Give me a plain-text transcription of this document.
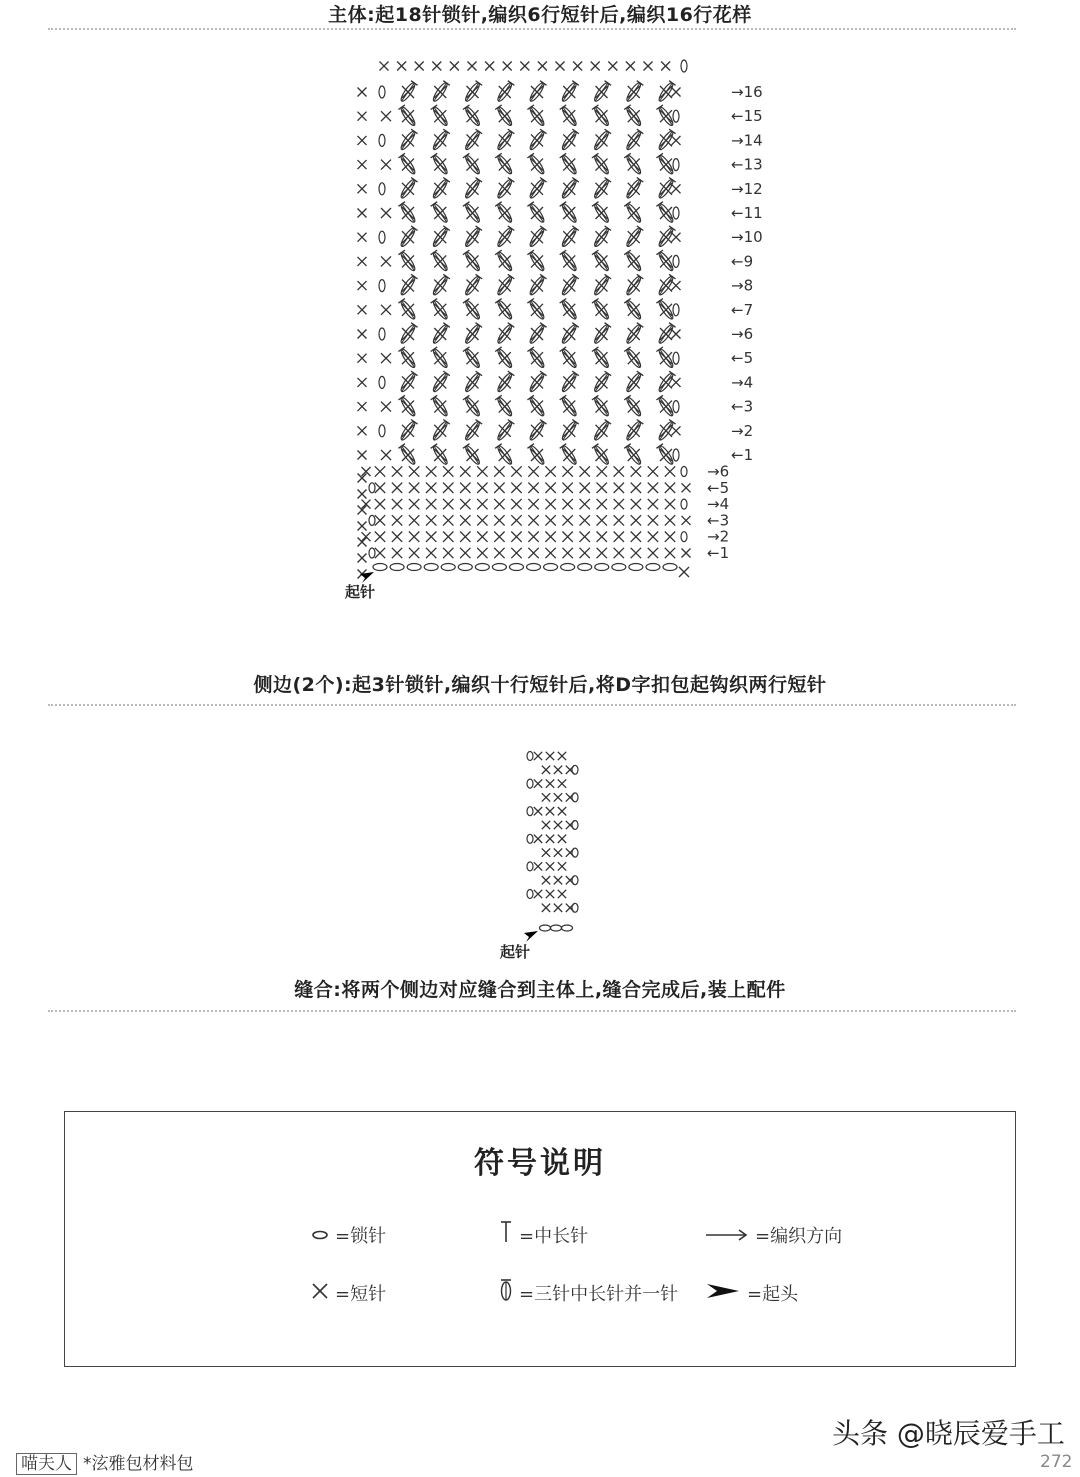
主体:起18针锁针,编织6行短针后,编织16行花样
侧边(2个):起3针锁针,编织十行短针后,将D字扣包起钩织两行短针
缝合:将两个侧边对应缝合到主体上,缝合完成后,装上配件
←1
→2
←3
→4
←5
→6
→16
←15
→14
←13
→12
←11
→10
←9
→8
←7
→6
←5
→4
←3
→2
←1
起针
起针
符号说明
=锁针	=中长针	=编织方向
=短针	=三针中长针并一针	=起头
头条 @晓辰爱手工
喵夫人 *泫雅包材料包	272
